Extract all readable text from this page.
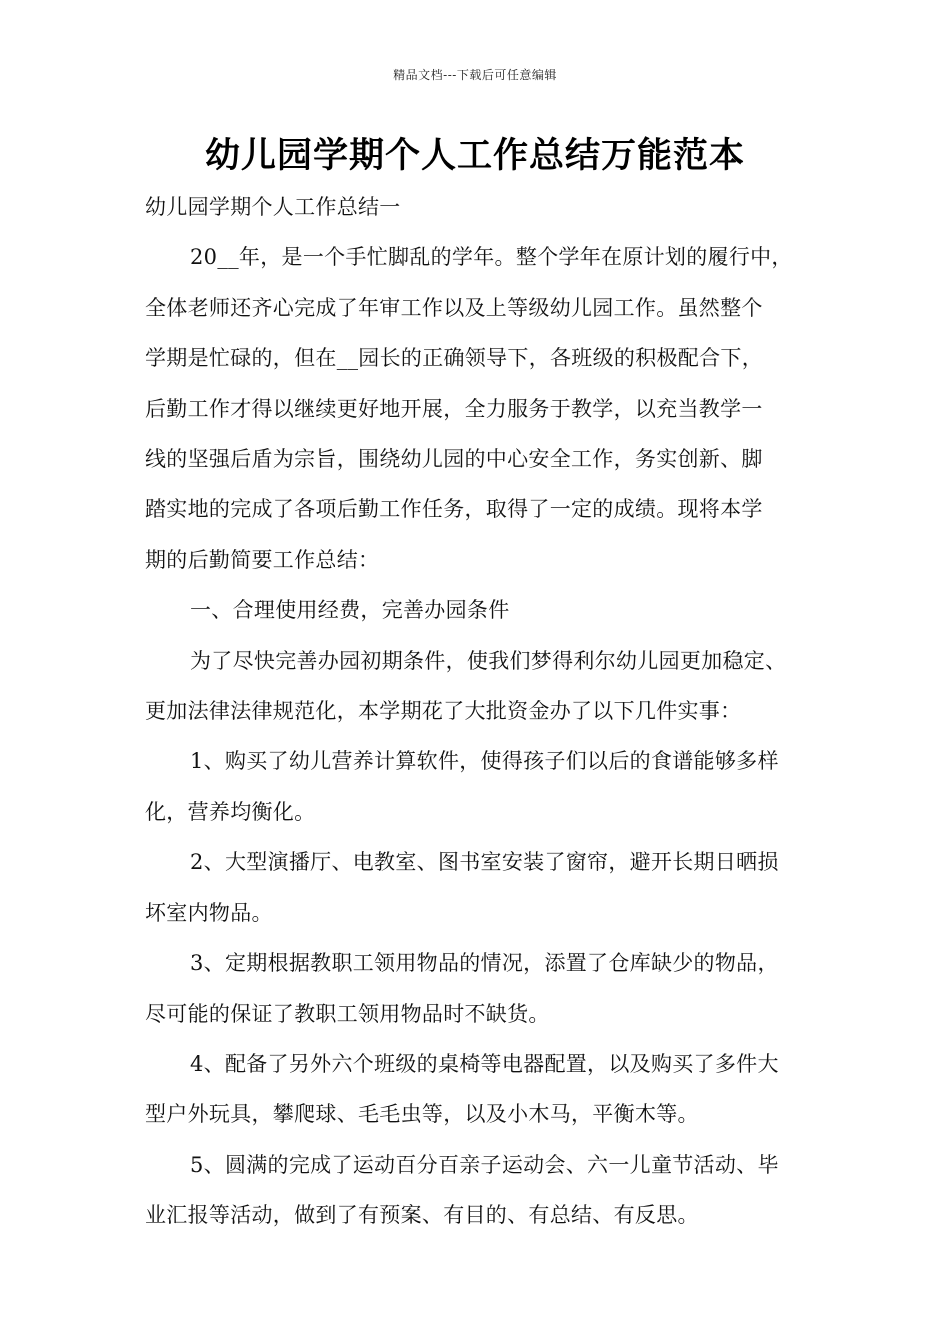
精品文档---下载后可任意编辑
幼儿园学期个人工作总结万能范本
幼儿园学期个人工作总结一
20__年，是一个手忙脚乱的学年。整个学年在原计划的履行中，
全体老师还齐心完成了年审工作以及上等级幼儿园工作。虽然整个
学期是忙碌的，但在__园长的正确领导下，各班级的积极配合下，
后勤工作才得以继续更好地开展，全力服务于教学，以充当教学一
线的坚强后盾为宗旨，围绕幼儿园的中心安全工作，务实创新、脚
踏实地的完成了各项后勤工作任务，取得了一定的成绩。现将本学
期的后勤简要工作总结：
一、合理使用经费，完善办园条件
为了尽快完善办园初期条件，使我们梦得利尔幼儿园更加稳定、
更加法律法律规范化，本学期花了大批资金办了以下几件实事：
1、购买了幼儿营养计算软件，使得孩子们以后的食谱能够多样
化，营养均衡化。
2、大型演播厅、电教室、图书室安装了窗帘，避开长期日晒损
坏室内物品。
3、定期根据教职工领用物品的情况，添置了仓库缺少的物品，
尽可能的保证了教职工领用物品时不缺货。
4、配备了另外六个班级的桌椅等电器配置，以及购买了多件大
型户外玩具，攀爬球、毛毛虫等，以及小木马，平衡木等。
5、圆满的完成了运动百分百亲子运动会、六一儿童节活动、毕
业汇报等活动，做到了有预案、有目的、有总结、有反思。
